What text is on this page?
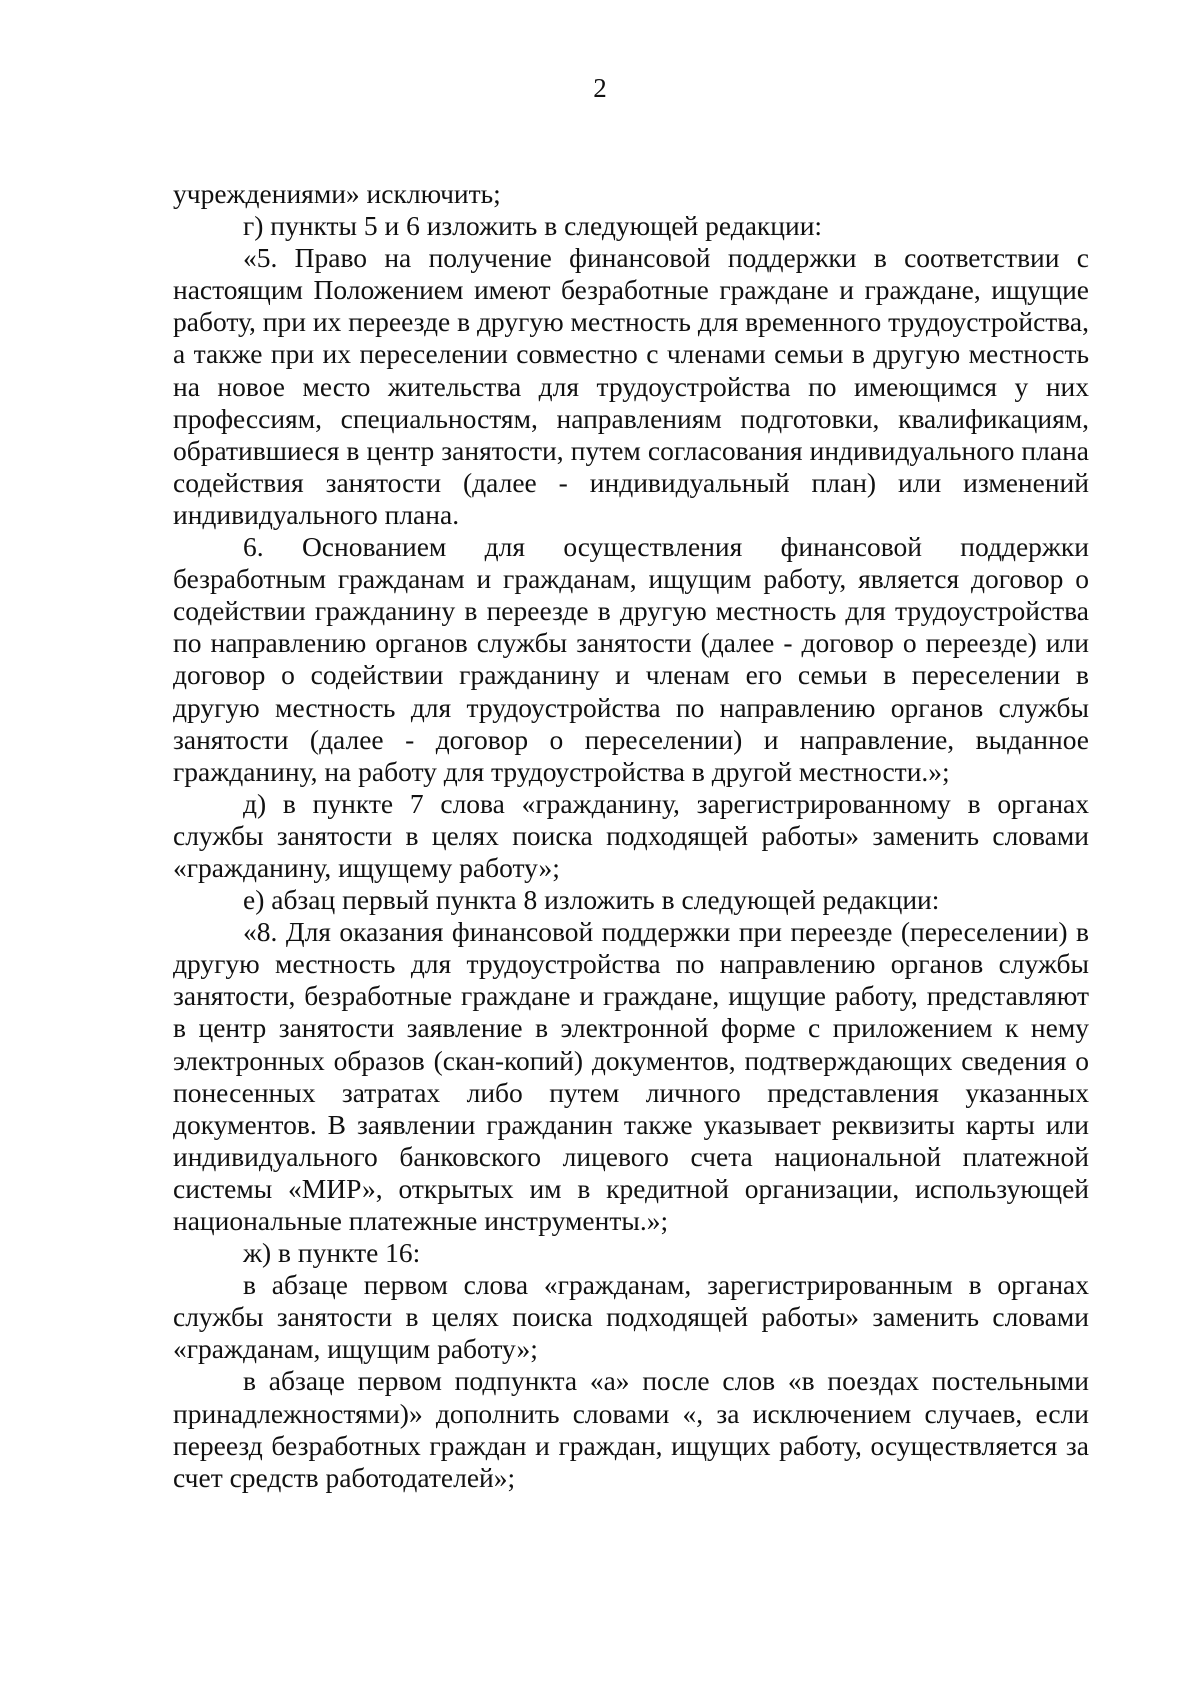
2

учреждениями» исключить;

г) пункты 5 и 6 изложить в следующей редакции:

«5. Право на получение финансовой поддержки в соответствии с настоящим Положением имеют безработные граждане и граждане, ищущие работу, при их переезде в другую местность для временного трудоустройства, а также при их переселении совместно с членами семьи в другую местность на новое место жительства для трудоустройства по имеющимся у них профессиям, специальностям, направлениям подготовки, квалификациям, обратившиеся в центр занятости, путем согласования индивидуального плана содействия занятости (далее - индивидуальный план) или изменений индивидуального плана.

6. Основанием для осуществления финансовой поддержки безработным гражданам и гражданам, ищущим работу, является договор о содействии гражданину в переезде в другую местность для трудоустройства по направлению органов службы занятости (далее - договор о переезде) или договор о содействии гражданину и членам его семьи в переселении в другую местность для трудоустройства по направлению органов службы занятости (далее - договор о переселении) и направление, выданное гражданину, на работу для трудоустройства в другой местности.»;

д) в пункте 7 слова «гражданину, зарегистрированному в органах службы занятости в целях поиска подходящей работы» заменить словами «гражданину, ищущему работу»;

е) абзац первый пункта 8 изложить в следующей редакции:

«8. Для оказания финансовой поддержки при переезде (переселении) в другую местность для трудоустройства по направлению органов службы занятости, безработные граждане и граждане, ищущие работу, представляют в центр занятости заявление в электронной форме с приложением к нему электронных образов (скан-копий) документов, подтверждающих сведения о понесенных затратах либо путем личного представления указанных документов. В заявлении гражданин также указывает реквизиты карты или индивидуального банковского лицевого счета национальной платежной системы «МИР», открытых им в кредитной организации, использующей национальные платежные инструменты.»;

ж) в пункте 16:

в абзаце первом слова «гражданам, зарегистрированным в органах службы занятости в целях поиска подходящей работы» заменить словами «гражданам, ищущим работу»;

в абзаце первом подпункта «а» после слов «в поездах постельными принадлежностями)» дополнить словами «, за исключением случаев, если переезд безработных граждан и граждан, ищущих работу, осуществляется за счет средств работодателей»;
